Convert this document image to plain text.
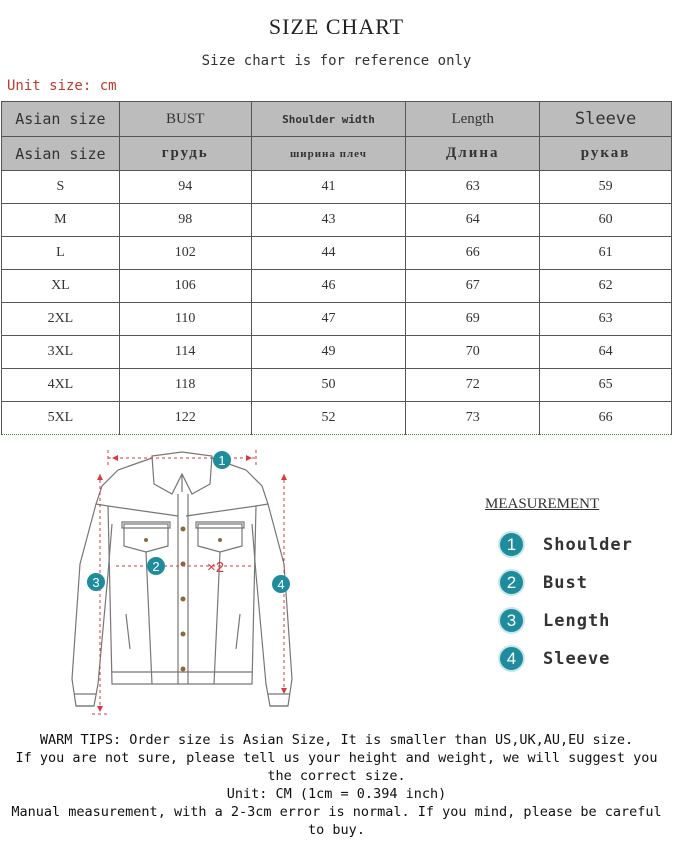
SIZE CHART
Size chart is for reference only
Unit size: cm
Asian size	BUST	Shoulder width	Length	Sleeve
Asian size	грудь	ширина плеч	Длина	рукав
S	94	41	63	59
M	98	43	64	60
L	102	44	66	61
XL	106	46	67	62
2XL	110	47	69	63
3XL	114	49	70	64
4XL	118	50	72	65
5XL	122	52	73	66
1
2
3	4
×2
MEASUREMENT
1	Shoulder
2	Bust
3	Length
4	Sleeve
WARM TIPS: Order size is Asian Size, It is smaller than US,UK,AU,EU size.
If you are not sure, please tell us your height and weight, we will suggest you the correct size.
Unit: CM (1cm = 0.394 inch)
Manual measurement, with a 2-3cm error is normal. If you mind, please be careful to buy.
